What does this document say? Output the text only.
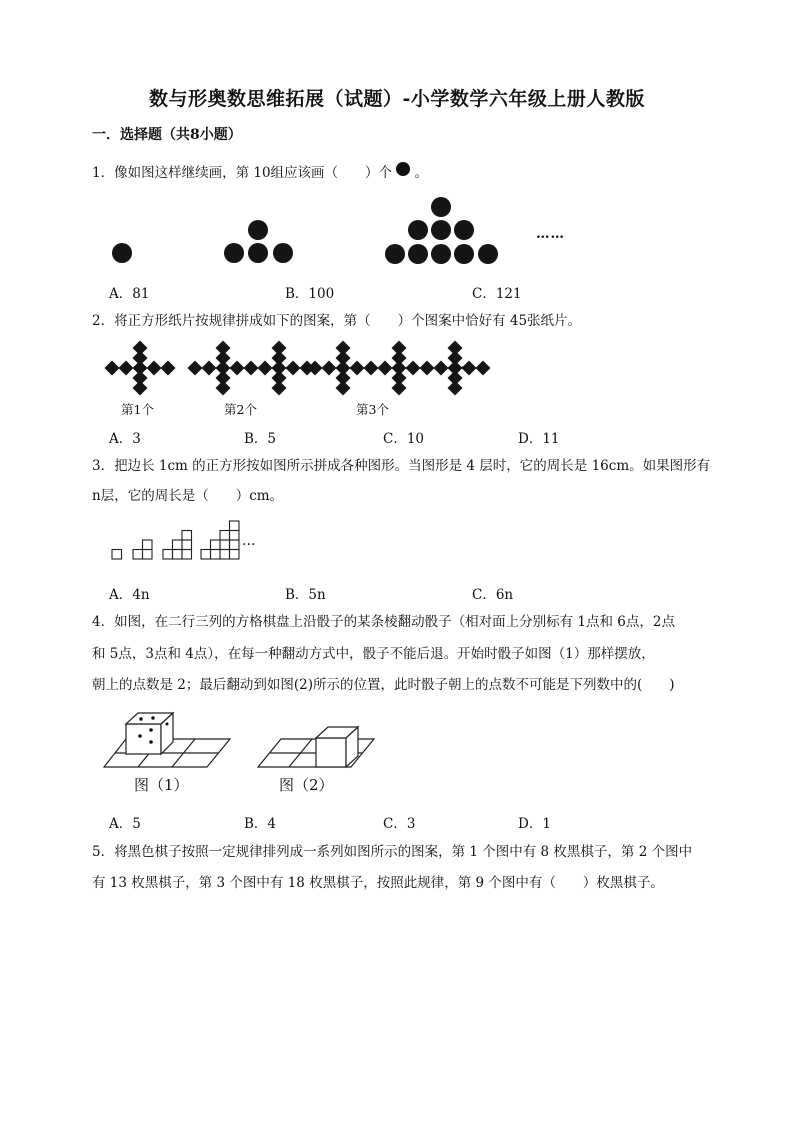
数与形奥数思维拓展（试题）-小学数学六年级上册人教版
一．选择题（共8小题）
1．像如图这样继续画，第 10组应该画（　　）个 。
……
A．81	B．100	C．121
2．将正方形纸片按规律拼成如下的图案，第（　　）个图案中恰好有 45张纸片。
…
第1个	第2个	第3个
A．3	B．5	C．10	D．11
3．把边长 1cm 的正方形按如图所示拼成各种图形。当图形是 4 层时，它的周长是 16cm。如果图形有
n层，它的周长是（　　）cm。
…
A．4n	B．5n	C．6n
4．如图，在二行三列的方格棋盘上沿骰子的某条棱翻动骰子（相对面上分别标有 1点和 6点，2点
和 5点，3点和 4点），在每一种翻动方式中，骰子不能后退。开始时骰子如图（1）那样摆放，
朝上的点数是 2；最后翻动到如图(2)所示的位置，此时骰子朝上的点数不可能是下列数中的(　　)
图（1）	图（2）
A．5	B．4	C．3	D．1
5．将黑色棋子按照一定规律排列成一系列如图所示的图案，第 1 个图中有 8 枚黑棋子，第 2 个图中
有 13 枚黑棋子，第 3 个图中有 18 枚黑棋子，按照此规律，第 9 个图中有（　　）枚黑棋子。
